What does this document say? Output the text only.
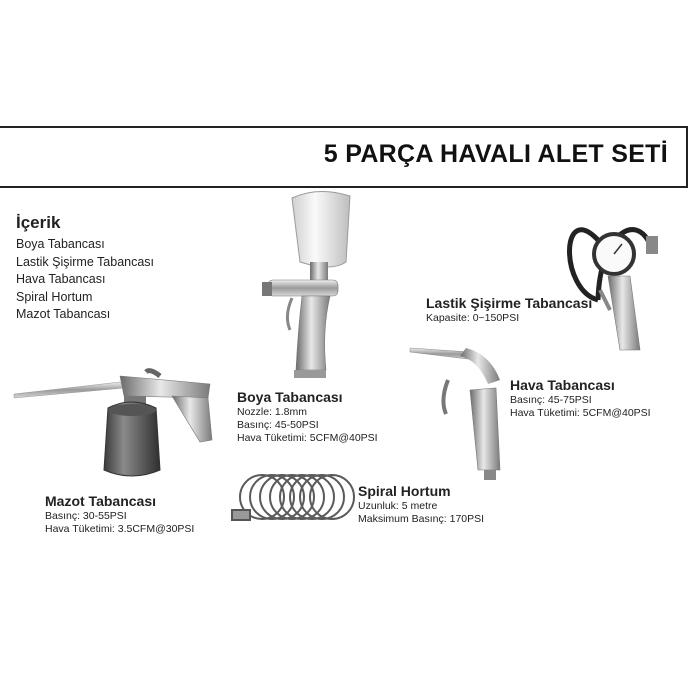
5 PARÇA HAVALI ALET SETİ
İçerik
Boya Tabancası
Lastik Şişirme Tabancası
Hava Tabancası
Spiral Hortum
Mazot Tabancası
Lastik Şişirme Tabancası
Kapasite: 0~150PSI
Boya Tabancası
Nozzle: 1.8mm
Basınç: 45-50PSI
Hava Tüketimi: 5CFM@40PSI
Hava Tabancası
Basınç: 45-75PSI
Hava Tüketimi: 5CFM@40PSI
Spiral Hortum
Uzunluk: 5 metre
Maksimum Basınç: 170PSI
Mazot Tabancası
Basınç: 30-55PSI
Hava Tüketimi: 3.5CFM@30PSI
